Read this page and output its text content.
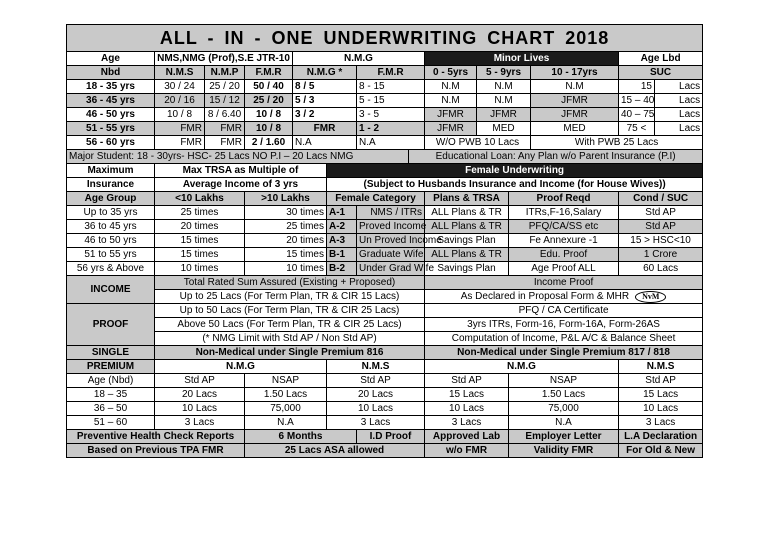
ALL - IN - ONE UNDERWRITING CHART 2018													
Age	NMS,NMG (Prof),S.E JTR-10			N.M.G				Minor Lives				Age Lbd	
Nbd	N.M.S	N.M.P	F.M.R	N.M.G *		F.M.R		0 - 5yrs	5 - 9yrs		10 - 17yrs	SUC	
18 - 35 yrs	30 / 24	25 / 20	50 / 40	8 / 5		8 - 15		N.M	N.M		N.M	15	Lacs
36 - 45 yrs	20 / 16	15 / 12	25 / 20	5 / 3		5 - 15		N.M	N.M		JFMR	15 – 40	Lacs
46 - 50 yrs	10 / 8	8 / 6.40	10 / 8	3 / 2		3 - 5		JFMR	JFMR		JFMR	40 – 75	Lacs
51 - 55 yrs	FMR	FMR	10 / 8	FMR		1 - 2		JFMR	MED		MED	75 <	Lacs
56 - 60 yrs	FMR	FMR	2 / 1.60	N.A		N.A		W/O PWB 10 Lacs			With PWB 25 Lacs		
Major Student: 18 - 30yrs- HSC- 25 Lacs NO P.I – 20 Lacs NMG							Educational Loan: Any Plan w/o Parent Insurance (P.I)						
Maximum	Max TRSA as Multiple of				Female Underwriting								
Insurance	Average Income of 3 yrs				(Subject to Husbands Insurance and Income (for House Wives))								
Age Group	<10 Lakhs		>10 Lakhs		Female Category			Plans & TRSA		Proof Reqd		Cond / SUC	
Up to 35 yrs	25 times		30 times		A-1	NMS / ITRs		ALL Plans & TR		ITRs,F-16,Salary		Std AP	
36 to 45 yrs	20 times		25 times		A-2	Proved Income		ALL Plans & TR		PFQ/CA/SS etc		Std AP	
46 to 50 yrs	15 times		20 times		A-3	Un Proved Income		Savings Plan		Fe Annexure -1		15 > HSC<10	
51 to 55 yrs	15 times		15 times		B-1	Graduate Wife		ALL Plans & TR		Edu. Proof		1 Crore	
56 yrs & Above	10 times		10 times		B-2	Under Grad Wife		Savings Plan		Age Proof ALL		60 Lacs	
INCOME	Total Rated Sum Assured (Existing + Proposed)							Income Proof					
	Up to 25 Lacs (For Term Plan, TR & CIR 15 Lacs)							As Declared in Proposal Form & MHR NvM					
PROOF	Up to 50 Lacs (For Term Plan, TR & CIR 25 Lacs)							PFQ / CA Certificate					
	Above 50 Lacs (For Term Plan, TR & CIR 25 Lacs)							3yrs ITRs, Form-16, Form-16A, Form-26AS					
	(* NMG Limit with Std AP / Non Std AP)							Computation of Income, P&L A/C & Balance Sheet					
SINGLE	Non-Medical under Single Premium 816							Non-Medical under Single Premium 817 / 818					
PREMIUM	N.M.G				N.M.S			N.M.G				N.M.S	
Age (Nbd)	Std AP		NSAP		Std AP			Std AP		NSAP		Std AP	
18 – 35	20 Lacs		1.50 Lacs		20 Lacs			15 Lacs		1.50 Lacs		15 Lacs	
36 – 50	10 Lacs		75,000		10 Lacs			10 Lacs		75,000		10 Lacs	
51 – 60	3 Lacs		N.A		3 Lacs			3 Lacs		N.A		3 Lacs	
Preventive Health Check Reports			6 Months			I.D Proof		Approved Lab		Employer Letter		L.A Declaration	
Based on Previous TPA FMR			25 Lacs ASA allowed					w/o FMR		Validity FMR		For Old & New	
